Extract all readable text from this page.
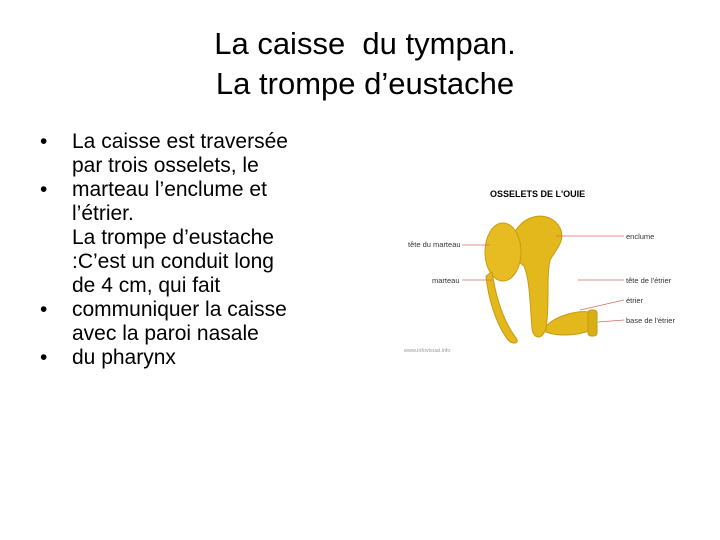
La caisse  du tympan.
La trompe d’eustache
• La caisse est traversée
par trois osselets, le
• marteau l’enclume et
l’étrier.
La trompe d’eustache
:C’est un conduit long
de 4 cm, qui fait
• communiquer la caisse
avec la paroi nasale
• du pharynx
OSSELETS DE L'OUIE
tête du marteau
marteau
enclume
tête de l'étrier
étrier
base de l'étrier
www.infovisual.info
